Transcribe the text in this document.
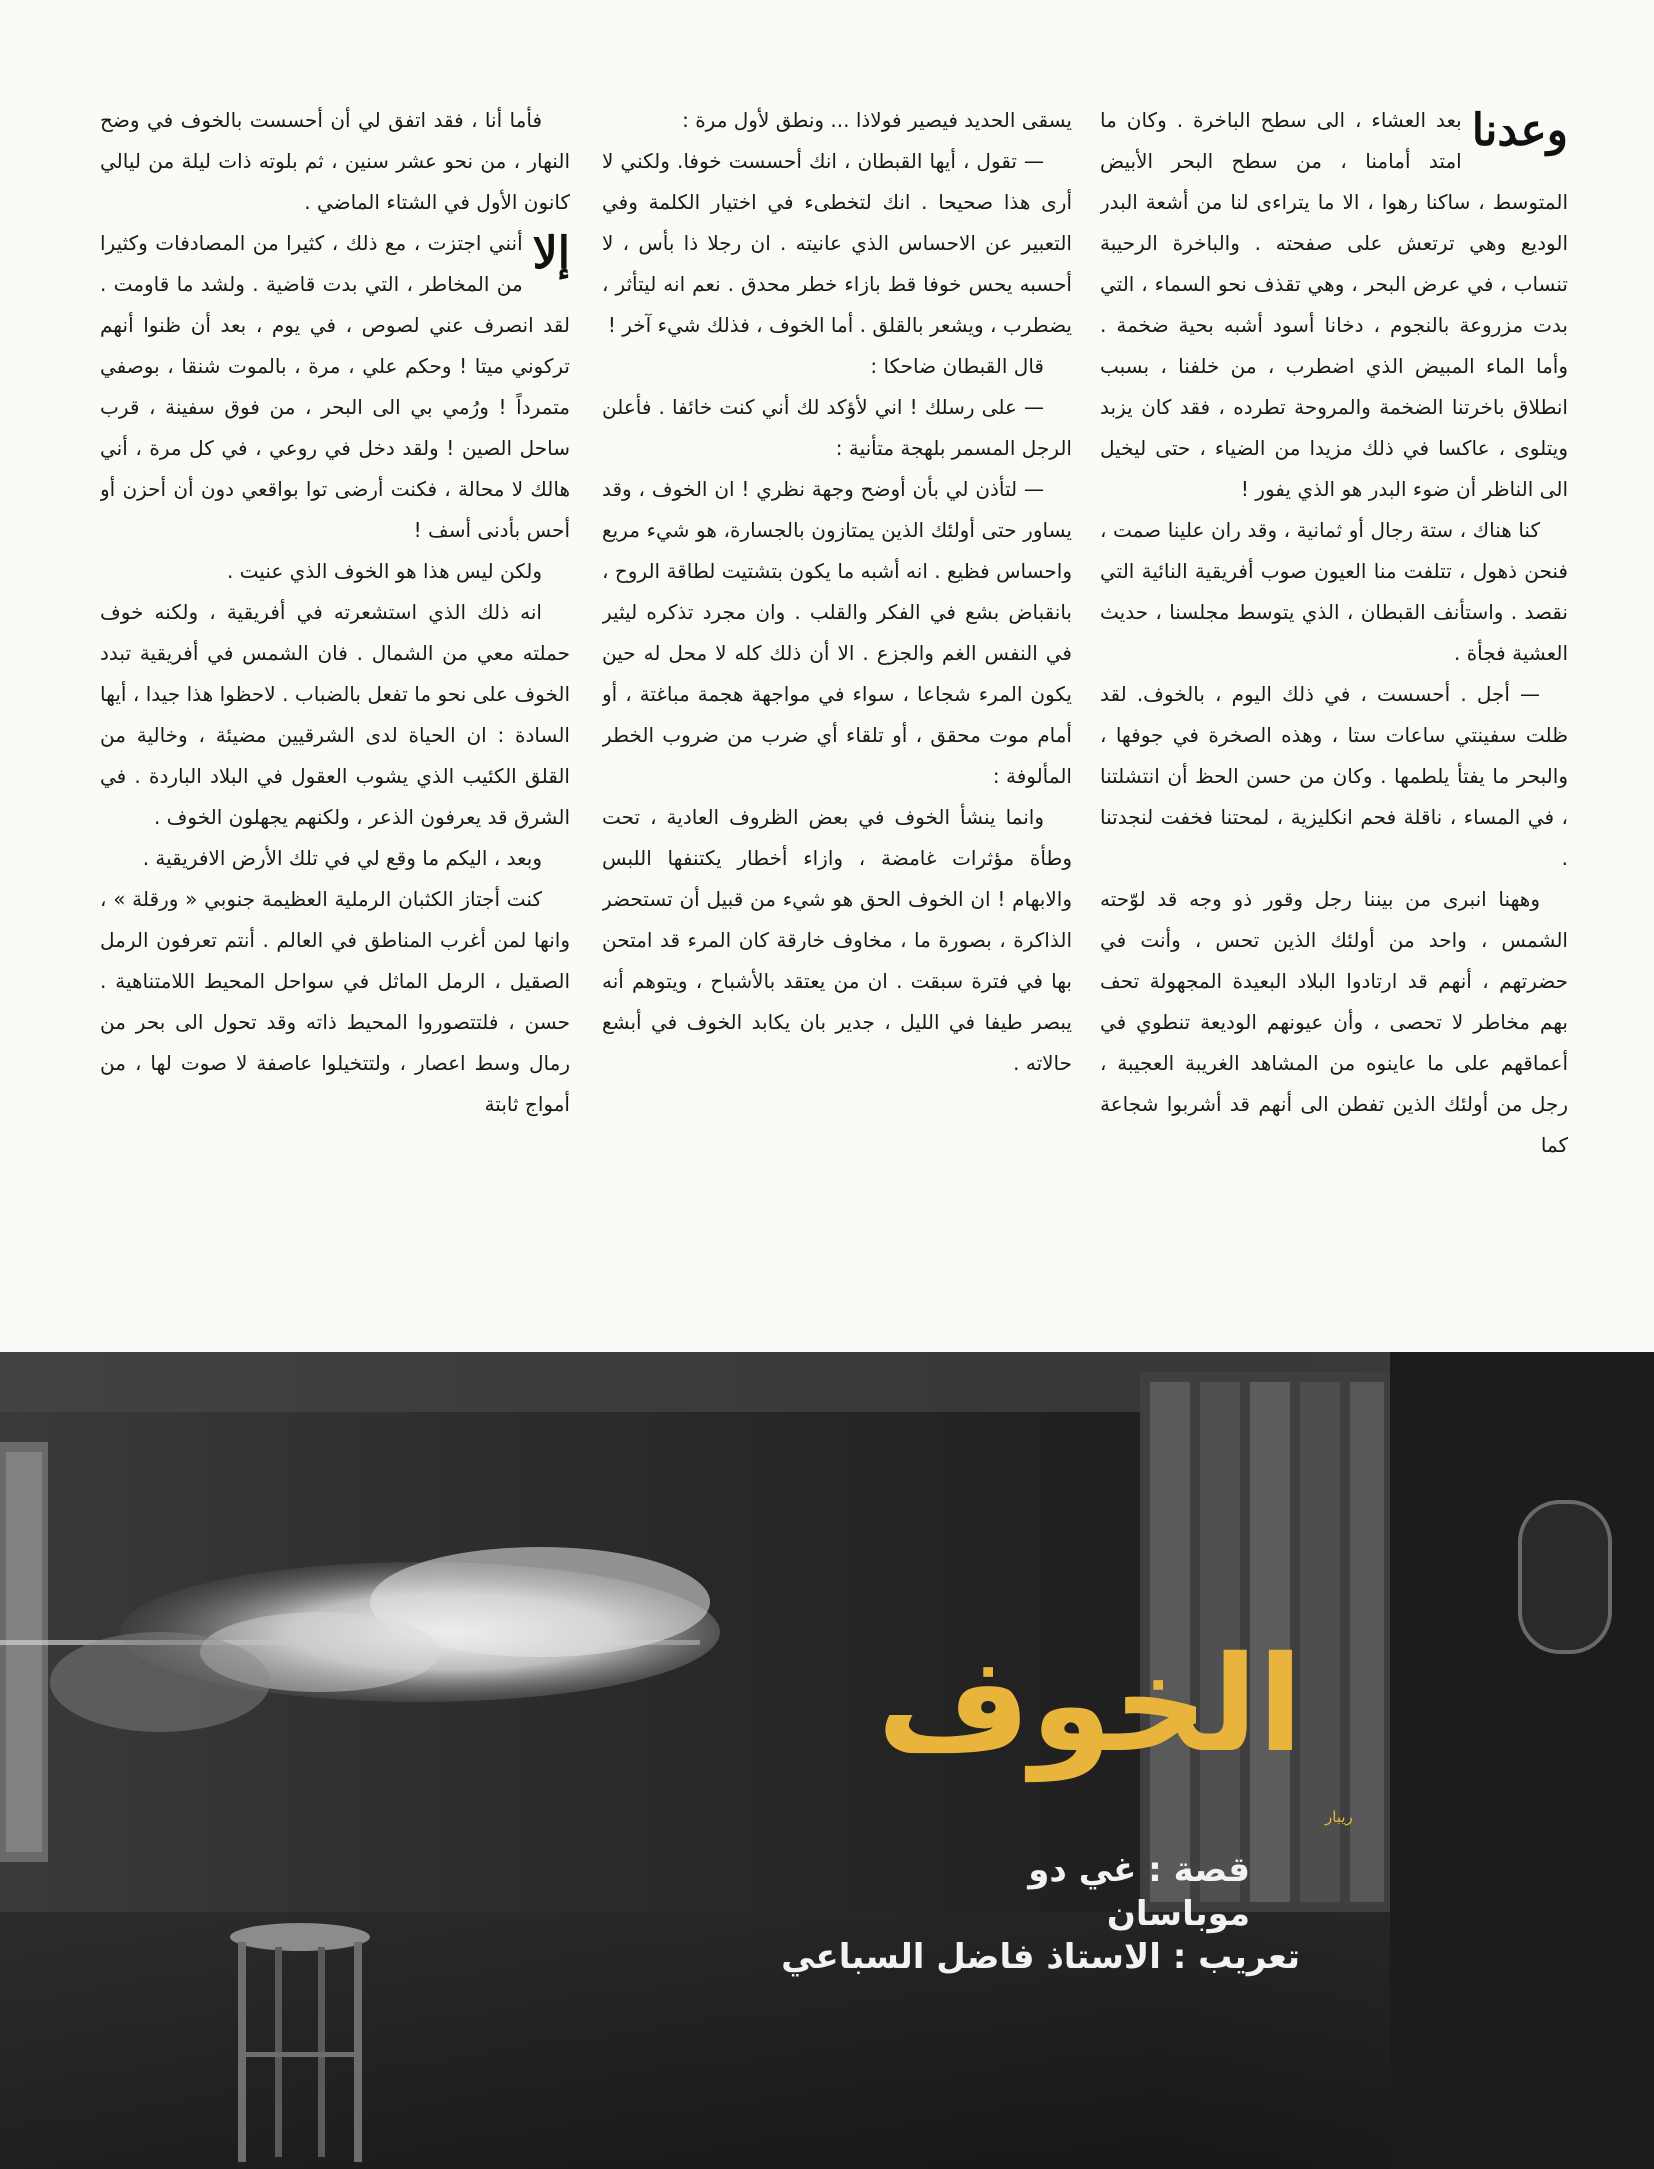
وعدنا

بعد العشاء ، الى سطح الباخرة . وكان ما امتد أمامنا ، من سطح البحر الأبيض المتوسط ، ساكنا رهوا ، الا ما يتراءى لنا من أشعة البدر الوديع وهي ترتعش على صفحته . والباخرة الرحيبة تنساب ، في عرض البحر ، وهي تقذف نحو السماء ، التي بدت مزروعة بالنجوم ، دخانا أسود أشبه بحية ضخمة . وأما الماء المبيض الذي اضطرب ، من خلفنا ، بسبب انطلاق باخرتنا الضخمة والمروحة تطرده ، فقد كان يزبد ويتلوى ، عاكسا في ذلك مزيدا من الضياء ، حتى ليخيل الى الناظر أن ضوء البدر هو الذي يفور !

كنا هناك ، ستة رجال أو ثمانية ، وقد ران علينا صمت ، فنحن ذهول ، تتلفت منا العيون صوب أفريقية النائية التي نقصد . واستأنف القبطان ، الذي يتوسط مجلسنا ، حديث العشية فجأة .

— أجل . أحسست ، في ذلك اليوم ، بالخوف. لقد ظلت سفينتي ساعات ستا ، وهذه الصخرة في جوفها ، والبحر ما يفتأ يلطمها . وكان من حسن الحظ أن انتشلتنا ، في المساء ، ناقلة فحم انكليزية ، لمحتنا فخفت لنجدتنا .

وههنا انبرى من بيننا رجل وقور ذو وجه قد لوّحته الشمس ، واحد من أولئك الذين تحس ، وأنت في حضرتهم ، أنهم قد ارتادوا البلاد البعيدة المجهولة تحف بهم مخاطر لا تحصى ، وأن عيونهم الوديعة تنطوي في أعماقهم على ما عاينوه من المشاهد الغريبة العجيبة ، رجل من أولئك الذين تفطن الى أنهم قد أشربوا شجاعة كما

يسقى الحديد فيصير فولاذا ... ونطق لأول مرة :

— تقول ، أيها القبطان ، انك أحسست خوفا. ولكني لا أرى هذا صحيحا . انك لتخطىء في اختيار الكلمة وفي التعبير عن الاحساس الذي عانيته . ان رجلا ذا بأس ، لا أحسبه يحس خوفا قط بازاء خطر محدق . نعم انه ليتأثر ، يضطرب ، ويشعر بالقلق . أما الخوف ، فذلك شيء آخر !

قال القبطان ضاحكا :

— على رسلك ! اني لأؤكد لك أني كنت خائفا . فأعلن الرجل المسمر بلهجة متأنية :

— لتأذن لي بأن أوضح وجهة نظري ! ان الخوف ، وقد يساور حتى أولئك الذين يمتازون بالجسارة، هو شيء مريع واحساس فظيع . انه أشبه ما يكون بتشتيت لطاقة الروح ، بانقباض بشع في الفكر والقلب . وان مجرد تذكره ليثير في النفس الغم والجزع . الا أن ذلك كله لا محل له حين يكون المرء شجاعا ، سواء في مواجهة هجمة مباغتة ، أو أمام موت محقق ، أو تلقاء أي ضرب من ضروب الخطر المألوفة :

وانما ينشأ الخوف في بعض الظروف العادية ، تحت وطأة مؤثرات غامضة ، وازاء أخطار يكتنفها اللبس والابهام ! ان الخوف الحق هو شيء من قبيل أن تستحضر الذاكرة ، بصورة ما ، مخاوف خارقة كان المرء قد امتحن بها في فترة سبقت . ان من يعتقد بالأشباح ، ويتوهم أنه يبصر طيفا في الليل ، جدير بان يكابد الخوف في أبشع حالاته .

فأما أنا ، فقد اتفق لي أن أحسست بالخوف في وضح النهار ، من نحو عشر سنين ، ثم بلوته ذات ليلة من ليالي كانون الأول في الشتاء الماضي .

إلا

أنني اجتزت ، مع ذلك ، كثيرا من المصادفات وكثيرا من المخاطر ، التي بدت قاضية . ولشد ما قاومت . لقد انصرف عني لصوص ، في يوم ، بعد أن ظنوا أنهم تركوني ميتا ! وحكم علي ، مرة ، بالموت شنقا ، بوصفي متمرداً ! ورُمي بي الى البحر ، من فوق سفينة ، قرب ساحل الصين ! ولقد دخل في روعي ، في كل مرة ، أني هالك لا محالة ، فكنت أرضى توا بواقعي دون أن أحزن أو أحس بأدنى أسف !

ولكن ليس هذا هو الخوف الذي عنيت .

انه ذلك الذي استشعرته في أفريقية ، ولكنه خوف حملته معي من الشمال . فان الشمس في أفريقية تبدد الخوف على نحو ما تفعل بالضباب . لاحظوا هذا جيدا ، أيها السادة : ان الحياة لدى الشرقيين مضيئة ، وخالية من القلق الكئيب الذي يشوب العقول في البلاد الباردة . في الشرق قد يعرفون الذعر ، ولكنهم يجهلون الخوف .

وبعد ، اليكم ما وقع لي في تلك الأرض الافريقية .

كنت أجتاز الكثبان الرملية العظيمة جنوبي « ورقلة » ، وانها لمن أغرب المناطق في العالم . أنتم تعرفون الرمل الصقيل ، الرمل الماثل في سواحل المحيط اللامتناهية . حسن ، فلتتصوروا المحيط ذاته وقد تحول الى بحر من رمال وسط اعصار ، ولتتخيلوا عاصفة لا صوت لها ، من أمواج ثابتة

الخوف
ريبار
قصة : غي دو موباسان
تعريب : الاستاذ فاضل السباعي
